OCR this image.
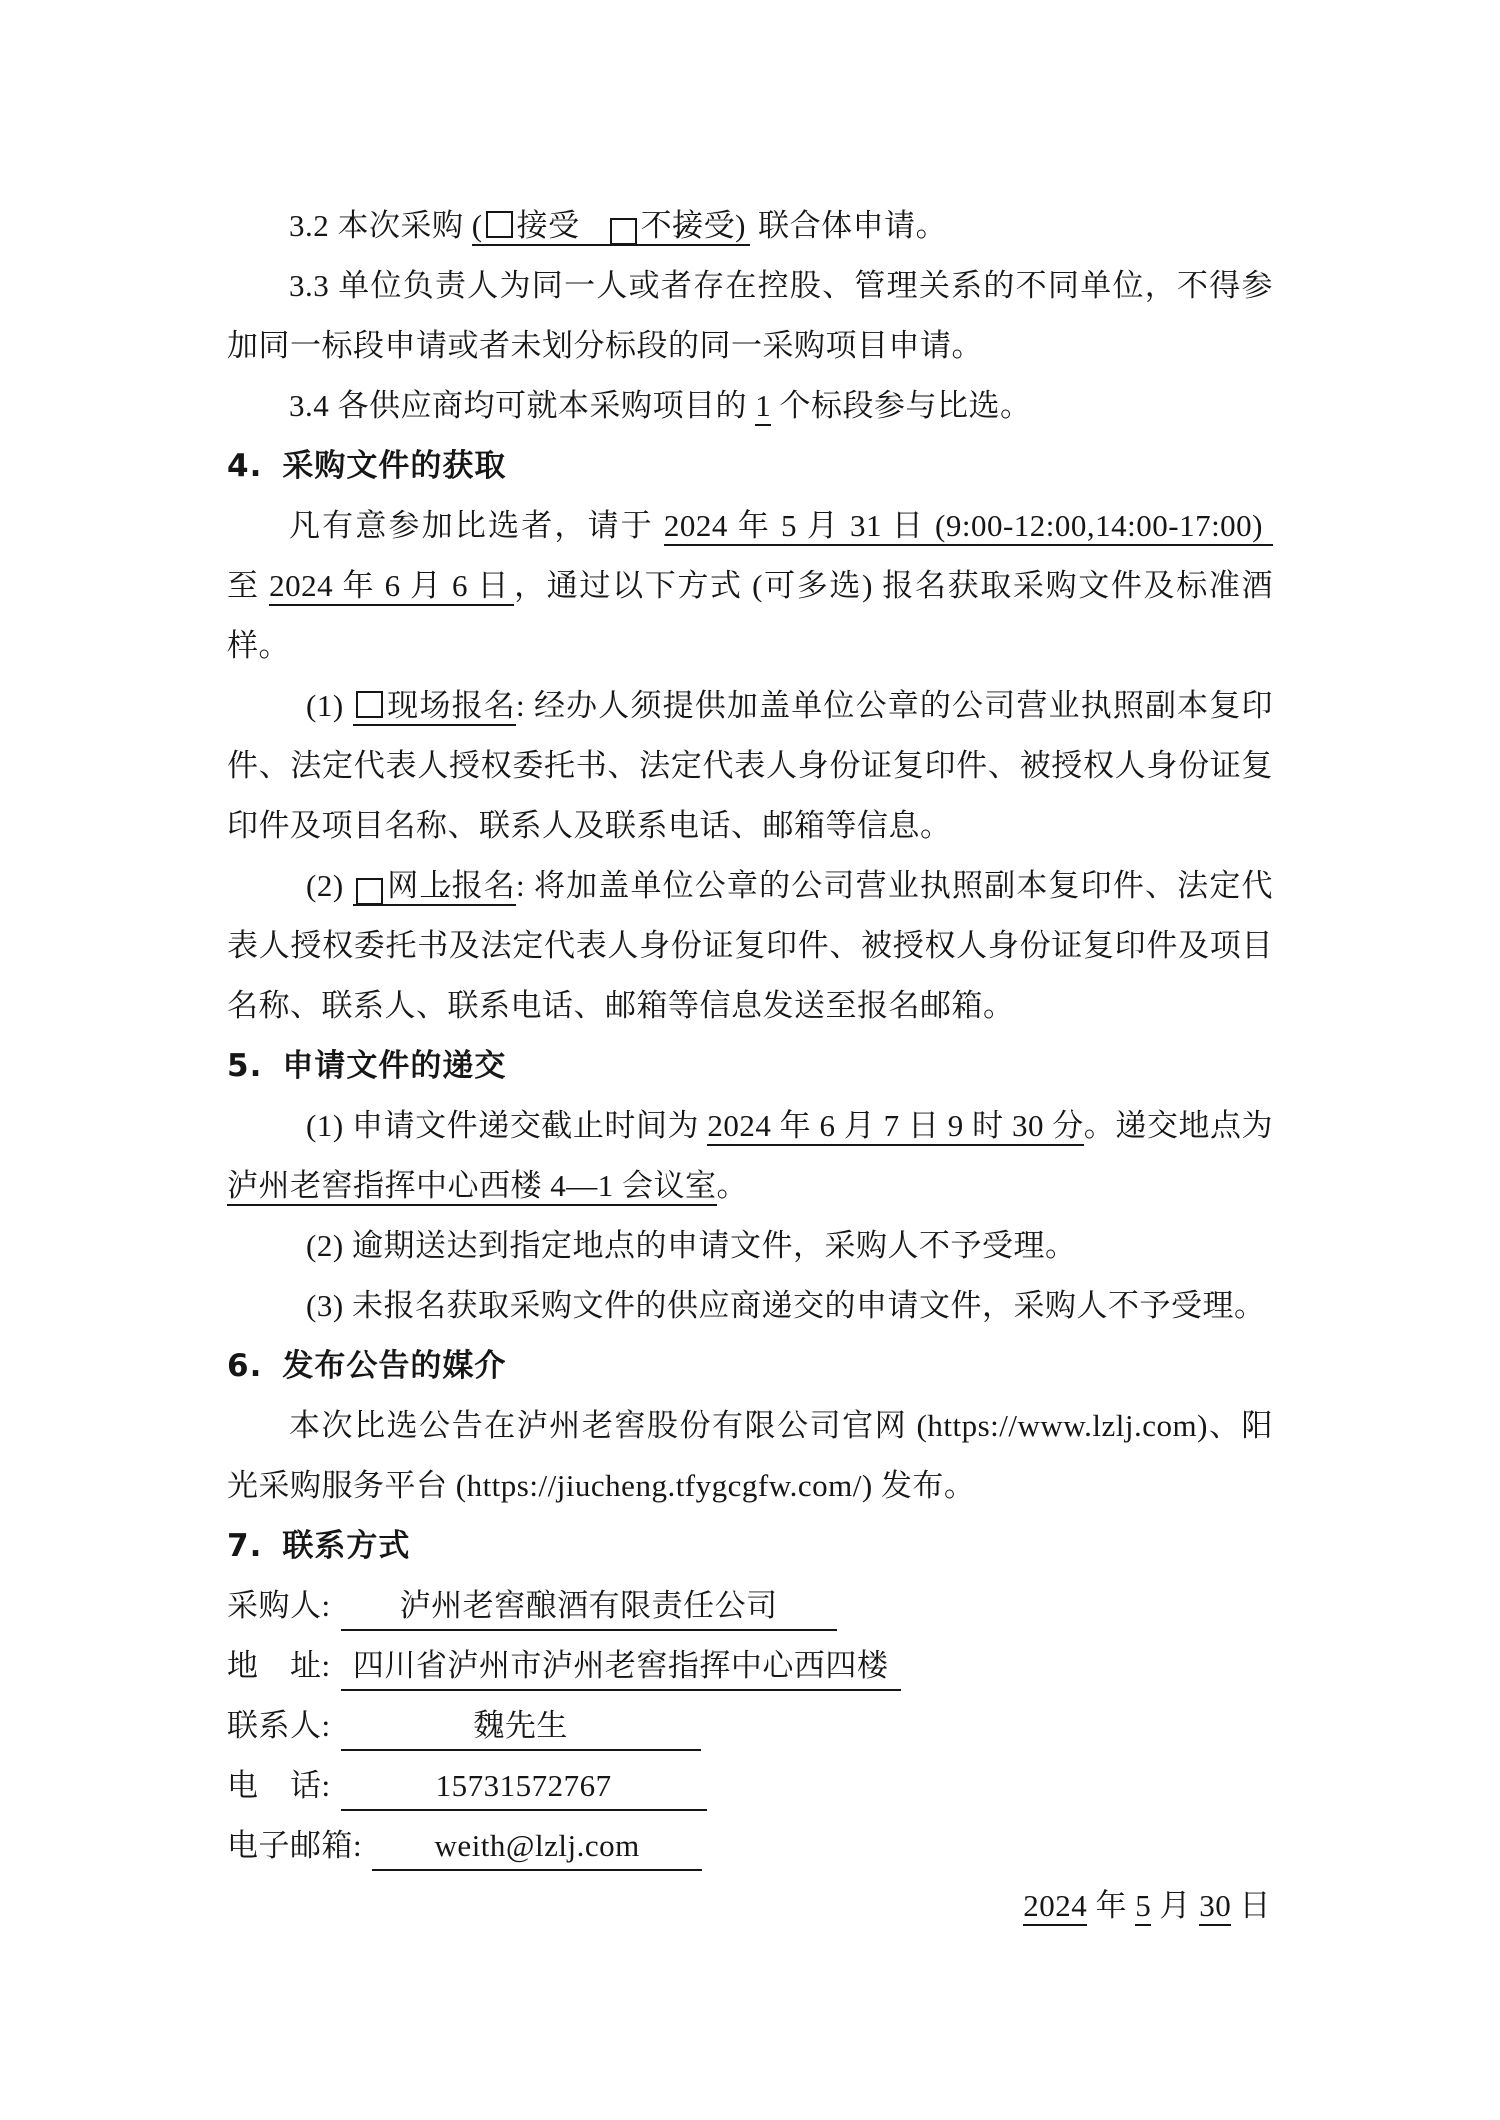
3.2 本次采购 ( 接受 ✓ 不接受) 联合体申请。

3.3 单位负责人为同一人或者存在控股、管理关系的不同单位，不得参加同一标段申请或者未划分标段的同一采购项目申请。

3.4 各供应商均可就本采购项目的 1 个标段参与比选。

4. 采购文件的获取

凡有意参加比选者，请于 2024 年 5 月 31 日 (9:00-12:00,14:00-17:00) 至 2024 年 6 月 6 日 ，通过以下方式 (可多选) 报名获取采购文件及标准酒样。

(1) 现场报名: 经办人须提供加盖单位公章的公司营业执照副本复印件、法定代表人授权委托书、法定代表人身份证复印件、被授权人身份证复印件及项目名称、联系人及联系电话、邮箱等信息。

(2) ✓ 网上报名: 将加盖单位公章的公司营业执照副本复印件、法定代表人授权委托书及法定代表人身份证复印件、被授权人身份证复印件及项目名称、联系人、联系电话、邮箱等信息发送至报名邮箱。

5. 申请文件的递交

(1) 申请文件递交截止时间为 2024 年 6 月 7 日 9 时 30 分。递交地点为泸州老窖指挥中心西楼 4—1 会议室。

(2) 逾期送达到指定地点的申请文件，采购人不予受理。

(3) 未报名获取采购文件的供应商递交的申请文件，采购人不予受理。

6. 发布公告的媒介

本次比选公告在泸州老窖股份有限公司官网 (https://www.lzlj.com)、阳光采购服务平台 (https://jiucheng.tfygcgfw.com/) 发布。

7. 联系方式

采购人: 泸州老窖酿酒有限责任公司

地　址: 四川省泸州市泸州老窖指挥中心西四楼

联系人:	魏先生

电　话:	15731572767

电子邮箱: weith@lzlj.com

2024 年 5 月 30 日
